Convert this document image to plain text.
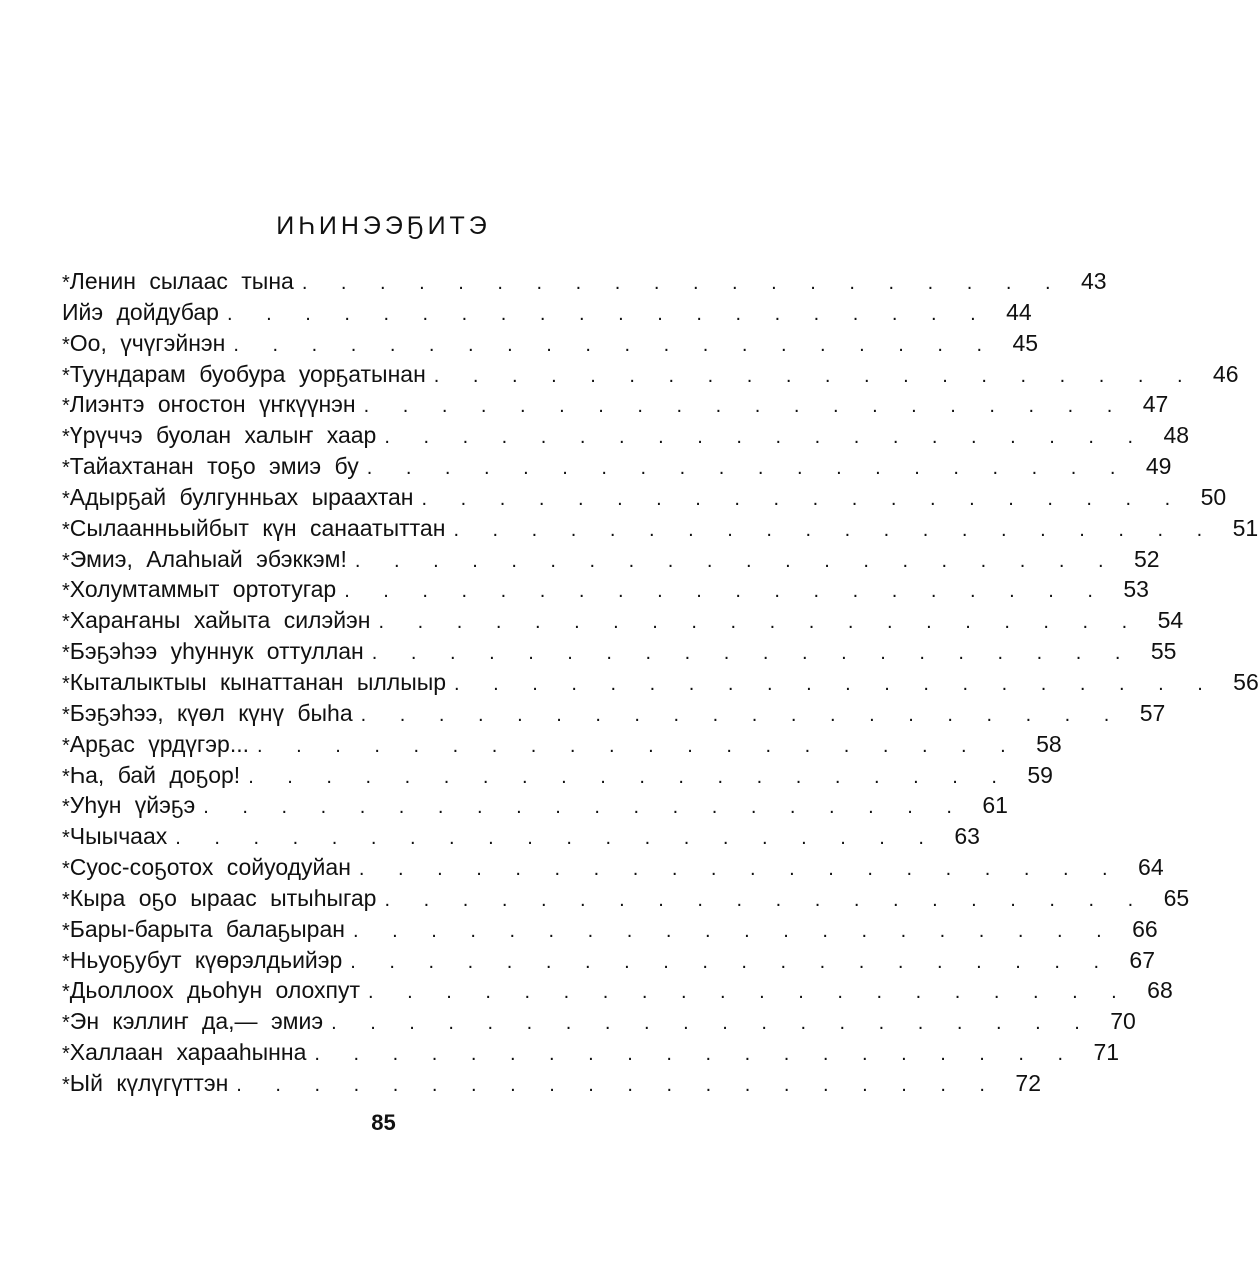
ИҺИНЭЭҔИТЭ
* Ленин сылаас тына . . . . . . . . . . . . . . . . . . . . 43
Ийэ дойдубар . . . . . . . . . . . . . . . . . . . . 44
* Оо, үчүгэйнэн . . . . . . . . . . . . . . . . . . . . 45
* Туундарам буобура уорҕатынан . . . . . . . . . . . . . . . . . . . . 46
* Лиэнтэ оҥостон үҥкүүнэн . . . . . . . . . . . . . . . . . . . . 47
* Үрүччэ буолан халыҥ хаар . . . . . . . . . . . . . . . . . . . . 48
* Тайахтанан тоҕо эмиэ бу . . . . . . . . . . . . . . . . . . . . 49
* Адырҕай булгунньах ыраахтан . . . . . . . . . . . . . . . . . . . . 50
* Сылаанньыйбыт күн санаатыттан . . . . . . . . . . . . . . . . . . . . 51
* Эмиэ, Алаһыай эбэккэм! . . . . . . . . . . . . . . . . . . . . 52
* Холумтаммыт ортотугар . . . . . . . . . . . . . . . . . . . . 53
* Хараҥаны хайыта силэйэн . . . . . . . . . . . . . . . . . . . . 54
* Бэҕэһээ уһуннук оттуллан . . . . . . . . . . . . . . . . . . . . 55
* Кыталыктыы кынаттанан ыллыыр . . . . . . . . . . . . . . . . . . . . 56
* Бэҕэһээ, күөл күнү быһа . . . . . . . . . . . . . . . . . . . . 57
* Арҕас үрдүгэр... . . . . . . . . . . . . . . . . . . . . 58
* Һа, бай доҕор! . . . . . . . . . . . . . . . . . . . . 59
* Уһун үйэҕэ . . . . . . . . . . . . . . . . . . . . 61
* Чыычаах . . . . . . . . . . . . . . . . . . . . 63
* Суос-соҕотох сойуодуйан . . . . . . . . . . . . . . . . . . . . 64
* Кыра оҕо ыраас ытыһыгар . . . . . . . . . . . . . . . . . . . . 65
* Бары-барыта балаҕыран . . . . . . . . . . . . . . . . . . . . 66
* Ньуоҕубут күөрэлдьийэр . . . . . . . . . . . . . . . . . . . . 67
* Дьоллоох дьоһун олохпут . . . . . . . . . . . . . . . . . . . . 68
* Эн кэллиҥ да,— эмиэ . . . . . . . . . . . . . . . . . . . . 70
* Халлаан харааһынна . . . . . . . . . . . . . . . . . . . . 71
* Ый күлүгүттэн . . . . . . . . . . . . . . . . . . . . 72
85
